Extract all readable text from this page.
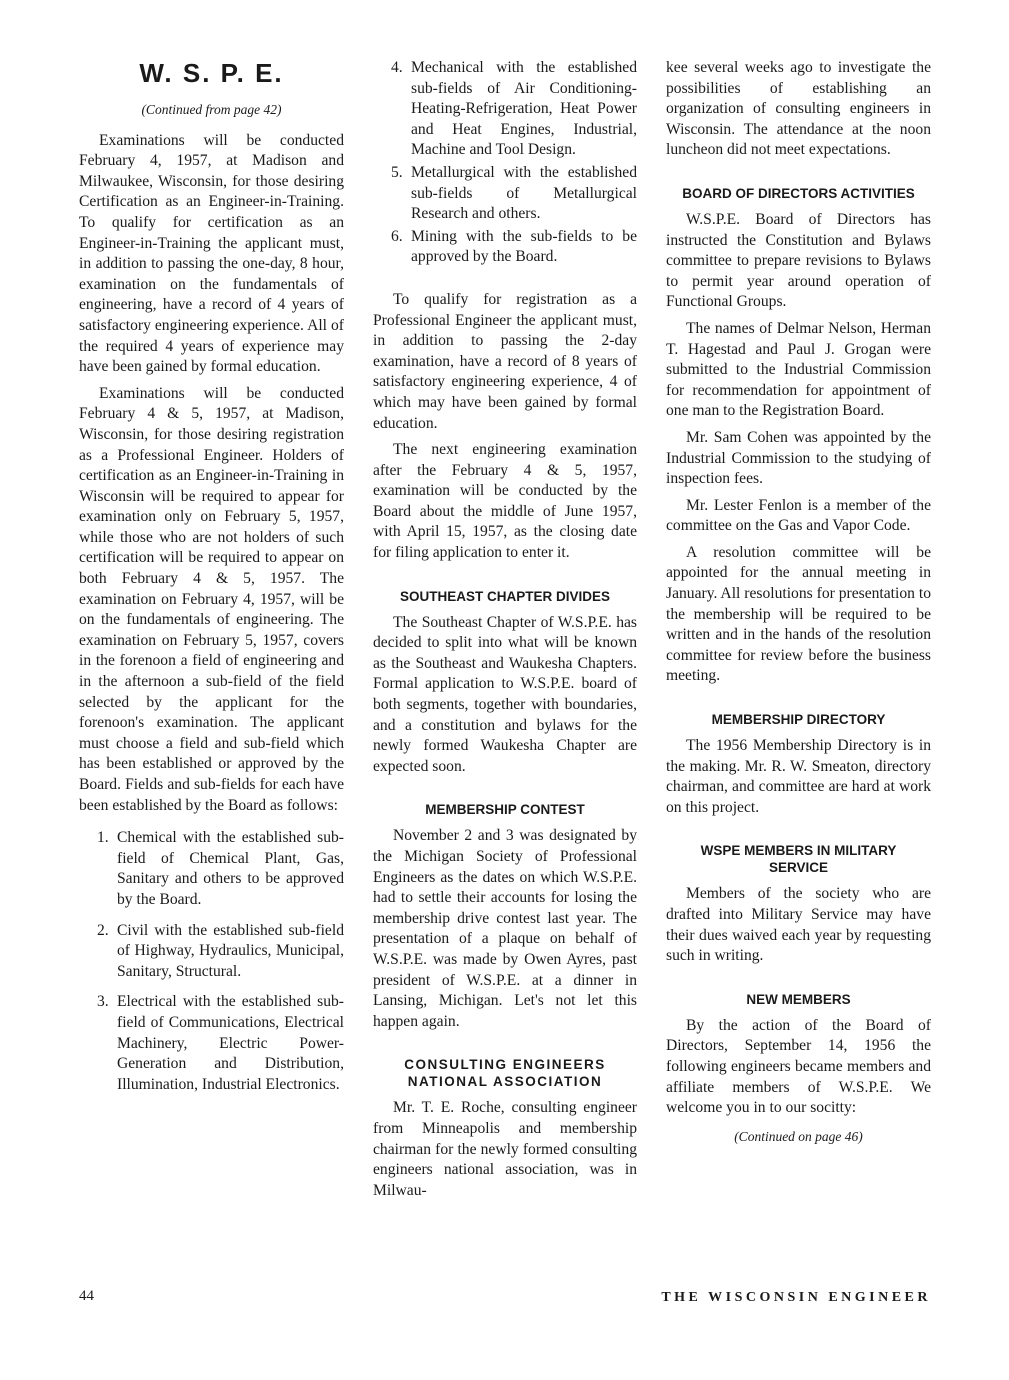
W. S. P. E.
(Continued from page 42)

Examinations will be conducted February 4, 1957, at Madison and Milwaukee, Wisconsin, for those desiring Certification as an Engineer-in-Training. To qualify for certification as an Engineer-in-Training the applicant must, in addition to passing the one-day, 8 hour, examination on the fundamentals of engineering, have a record of 4 years of satisfactory engineering experience. All of the required 4 years of experience may have been gained by formal education.

Examinations will be conducted February 4 & 5, 1957, at Madison, Wisconsin, for those desiring registration as a Professional Engineer. Holders of certification as an Engineer-in-Training in Wisconsin will be required to appear for examination only on February 5, 1957, while those who are not holders of such certification will be required to appear on both February 4 & 5, 1957. The examination on February 4, 1957, will be on the fundamentals of engineering. The examination on February 5, 1957, covers in the forenoon a field of engineering and in the afternoon a sub-field of the field selected by the applicant for the forenoon's examination. The applicant must choose a field and sub-field which has been established or approved by the Board. Fields and sub-fields for each have been established by the Board as follows:

1. Chemical with the established sub-field of Chemical Plant, Gas, Sanitary and others to be approved by the Board.
2. Civil with the established sub-field of Highway, Hydraulics, Municipal, Sanitary, Structural.
3. Electrical with the established sub-field of Communications, Electrical Machinery, Electric Power-Generation and Distribution, Illumination, Industrial Electronics.
4. Mechanical with the established sub-fields of Air Conditioning-Heating-Refrigeration, Heat Power and Heat Engines, Industrial, Machine and Tool Design.
5. Metallurgical with the established sub-fields of Metallurgical Research and others.
6. Mining with the sub-fields to be approved by the Board.

To qualify for registration as a Professional Engineer the applicant must, in addition to passing the 2-day examination, have a record of 8 years of satisfactory engineering experience, 4 of which may have been gained by formal education.

The next engineering examination after the February 4 & 5, 1957, examination will be conducted by the Board about the middle of June 1957, with April 15, 1957, as the closing date for filing application to enter it.

SOUTHEAST CHAPTER DIVIDES

The Southeast Chapter of W.S.P.E. has decided to split into what will be known as the Southeast and Waukesha Chapters. Formal application to W.S.P.E. board of both segments, together with boundaries, and a constitution and bylaws for the newly formed Waukesha Chapter are expected soon.

MEMBERSHIP CONTEST

November 2 and 3 was designated by the Michigan Society of Professional Engineers as the dates on which W.S.P.E. had to settle their accounts for losing the membership drive contest last year. The presentation of a plaque on behalf of W.S.P.E. was made by Owen Ayres, past president of W.S.P.E. at a dinner in Lansing, Michigan. Let's not let this happen again.

CONSULTING ENGINEERS
NATIONAL ASSOCIATION

Mr. T. E. Roche, consulting engineer from Minneapolis and membership chairman for the newly formed consulting engineers national association, was in Milwau-

kee several weeks ago to investigate the possibilities of establishing an organization of consulting engineers in Wisconsin. The attendance at the noon luncheon did not meet expectations.

BOARD OF DIRECTORS ACTIVITIES

W.S.P.E. Board of Directors has instructed the Constitution and Bylaws committee to prepare revisions to Bylaws to permit year around operation of Functional Groups.

The names of Delmar Nelson, Herman T. Hagestad and Paul J. Grogan were submitted to the Industrial Commission for recommendation for appointment of one man to the Registration Board.

Mr. Sam Cohen was appointed by the Industrial Commission to the studying of inspection fees.

Mr. Lester Fenlon is a member of the committee on the Gas and Vapor Code.

A resolution committee will be appointed for the annual meeting in January. All resolutions for presentation to the membership will be required to be written and in the hands of the resolution committee for review before the business meeting.

MEMBERSHIP DIRECTORY

The 1956 Membership Directory is in the making. Mr. R. W. Smeaton, directory chairman, and committee are hard at work on this project.

WSPE MEMBERS IN MILITARY
SERVICE

Members of the society who are drafted into Military Service may have their dues waived each year by requesting such in writing.

NEW MEMBERS

By the action of the Board of Directors, September 14, 1956 the following engineers became members and affiliate members of W.S.P.E. We welcome you in to our socitty:

(Continued on page 46)
44	THE WISCONSIN ENGINEER
